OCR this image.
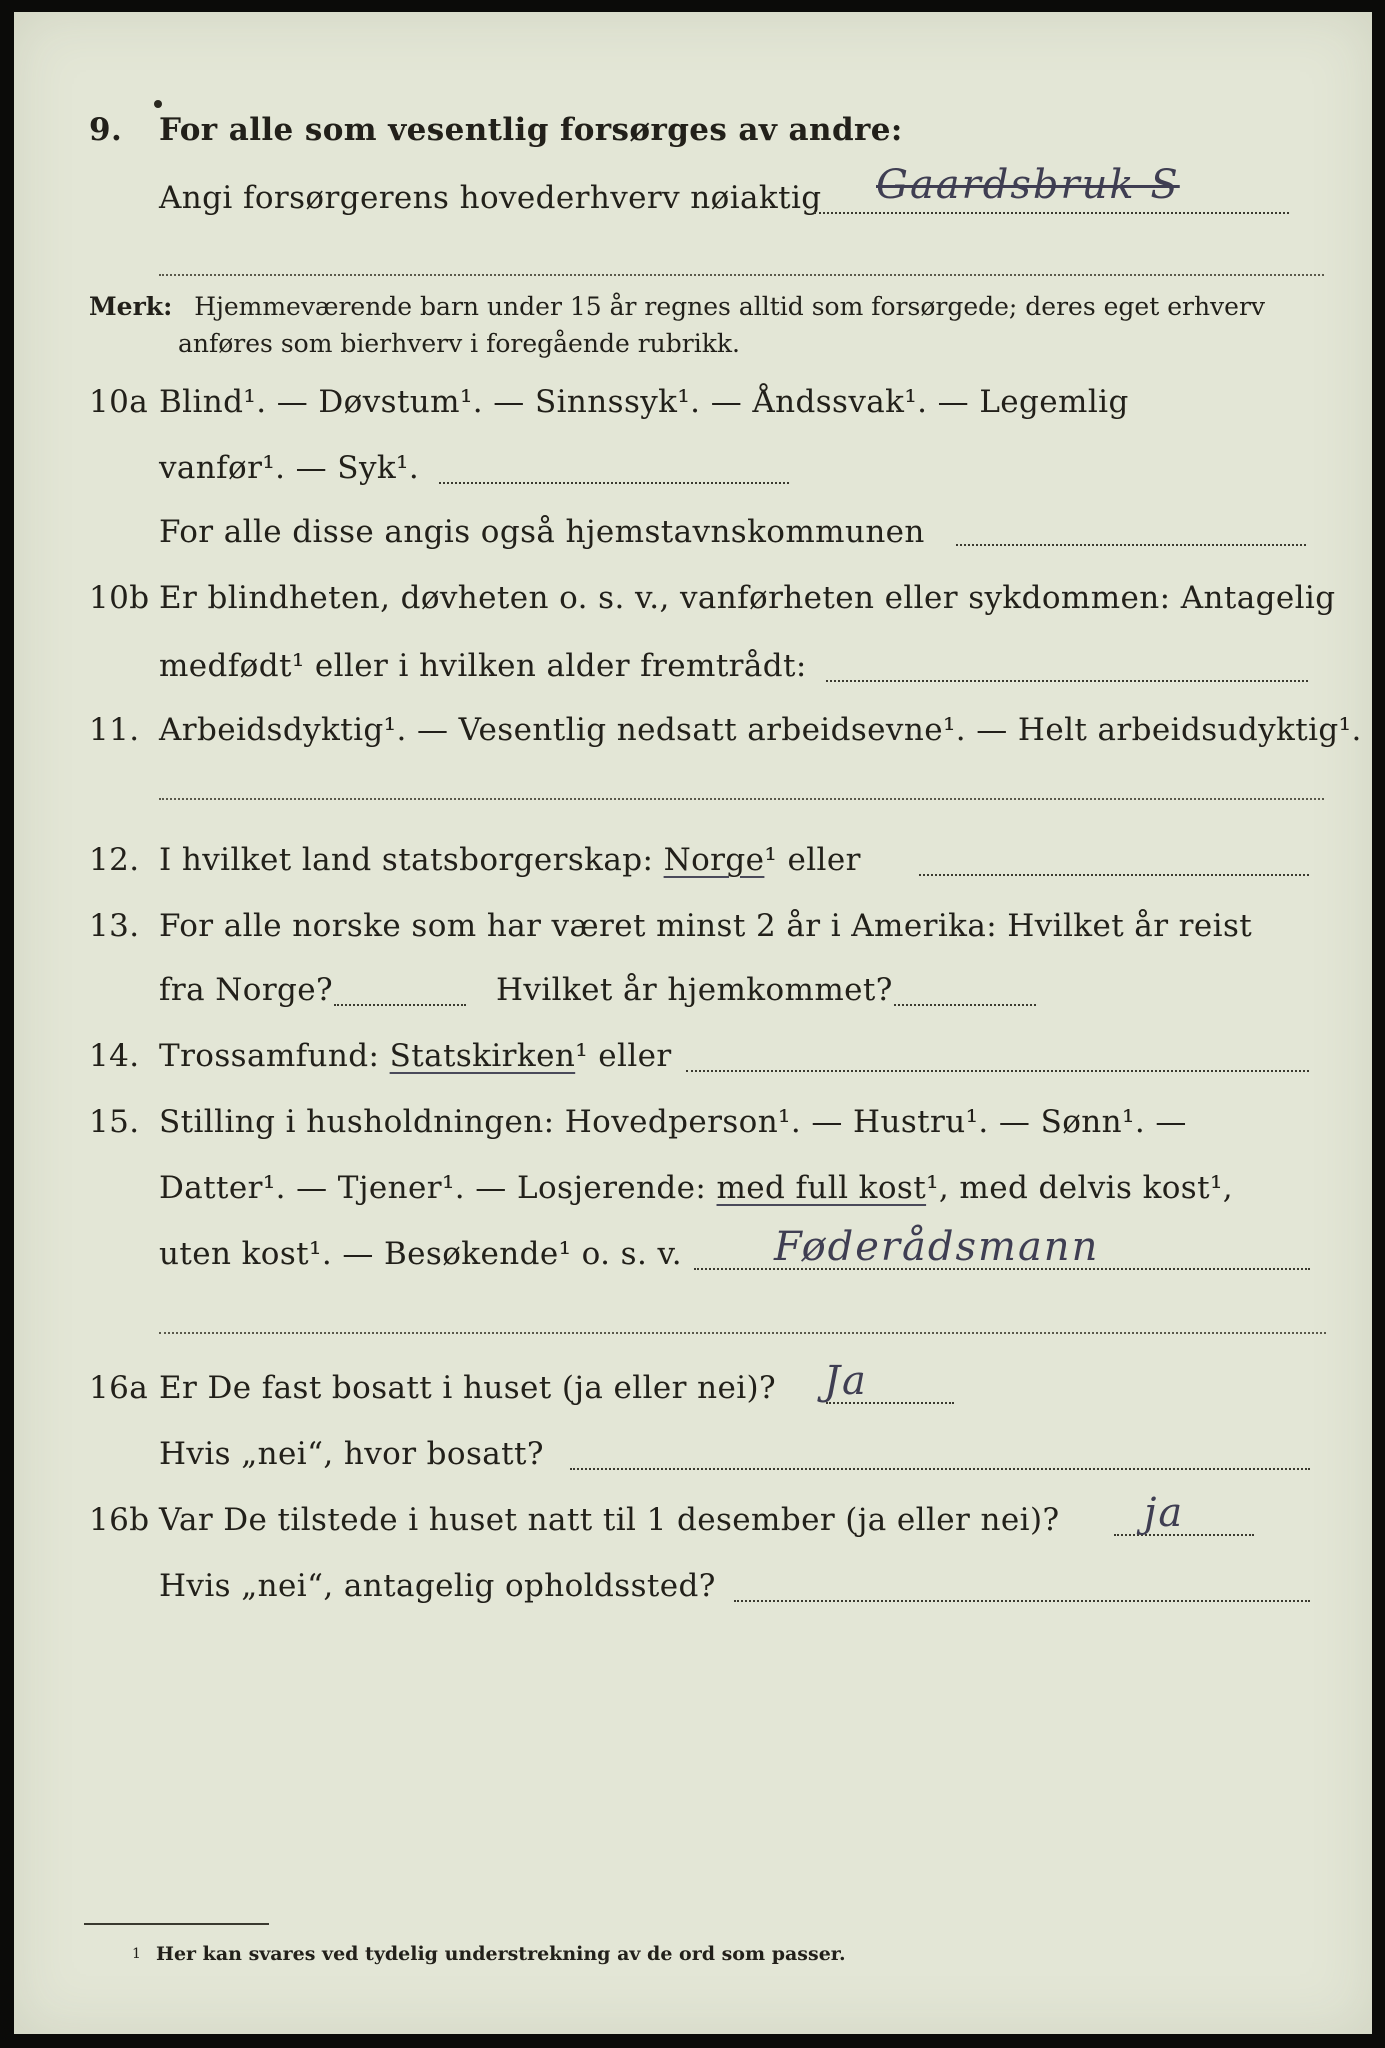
9. For alle som vesentlig forsørges av andre:
Angi forsørgerens hovederhverv nøiaktig Gaardsbruk S
Merk: Hjemmeværende barn under 15 år regnes alltid som forsørgede; deres eget erhverv
anføres som bierhverv i foregående rubrikk.
10a Blind¹. — Døvstum¹. — Sinnssyk¹. — Åndssvak¹. — Legemlig
vanfør¹. — Syk¹.
For alle disse angis også hjemstavnskommunen
10b Er blindheten, døvheten o. s. v., vanførheten eller sykdommen: Antagelig
medfødt¹ eller i hvilken alder fremtrådt:
11. Arbeidsdyktig¹. — Vesentlig nedsatt arbeidsevne¹. — Helt arbeidsudyktig¹.
12. I hvilket land statsborgerskap: Norge¹ eller
13. For alle norske som har været minst 2 år i Amerika: Hvilket år reist
fra Norge?	Hvilket år hjemkommet?
14. Trossamfund: Statskirken¹ eller
15. Stilling i husholdningen: Hovedperson¹. — Hustru¹. — Sønn¹. —
Datter¹. — Tjener¹. — Losjerende: med full kost¹, med delvis kost¹,
uten kost¹. — Besøkende¹ o. s. v. Føderådsmann
16a Er De fast bosatt i huset (ja eller nei)? Ja
Hvis „nei“, hvor bosatt?
16b Var De tilstede i huset natt til 1 desember (ja eller nei)? ja
Hvis „nei“, antagelig opholdssted?
1 Her kan svares ved tydelig understrekning av de ord som passer.
